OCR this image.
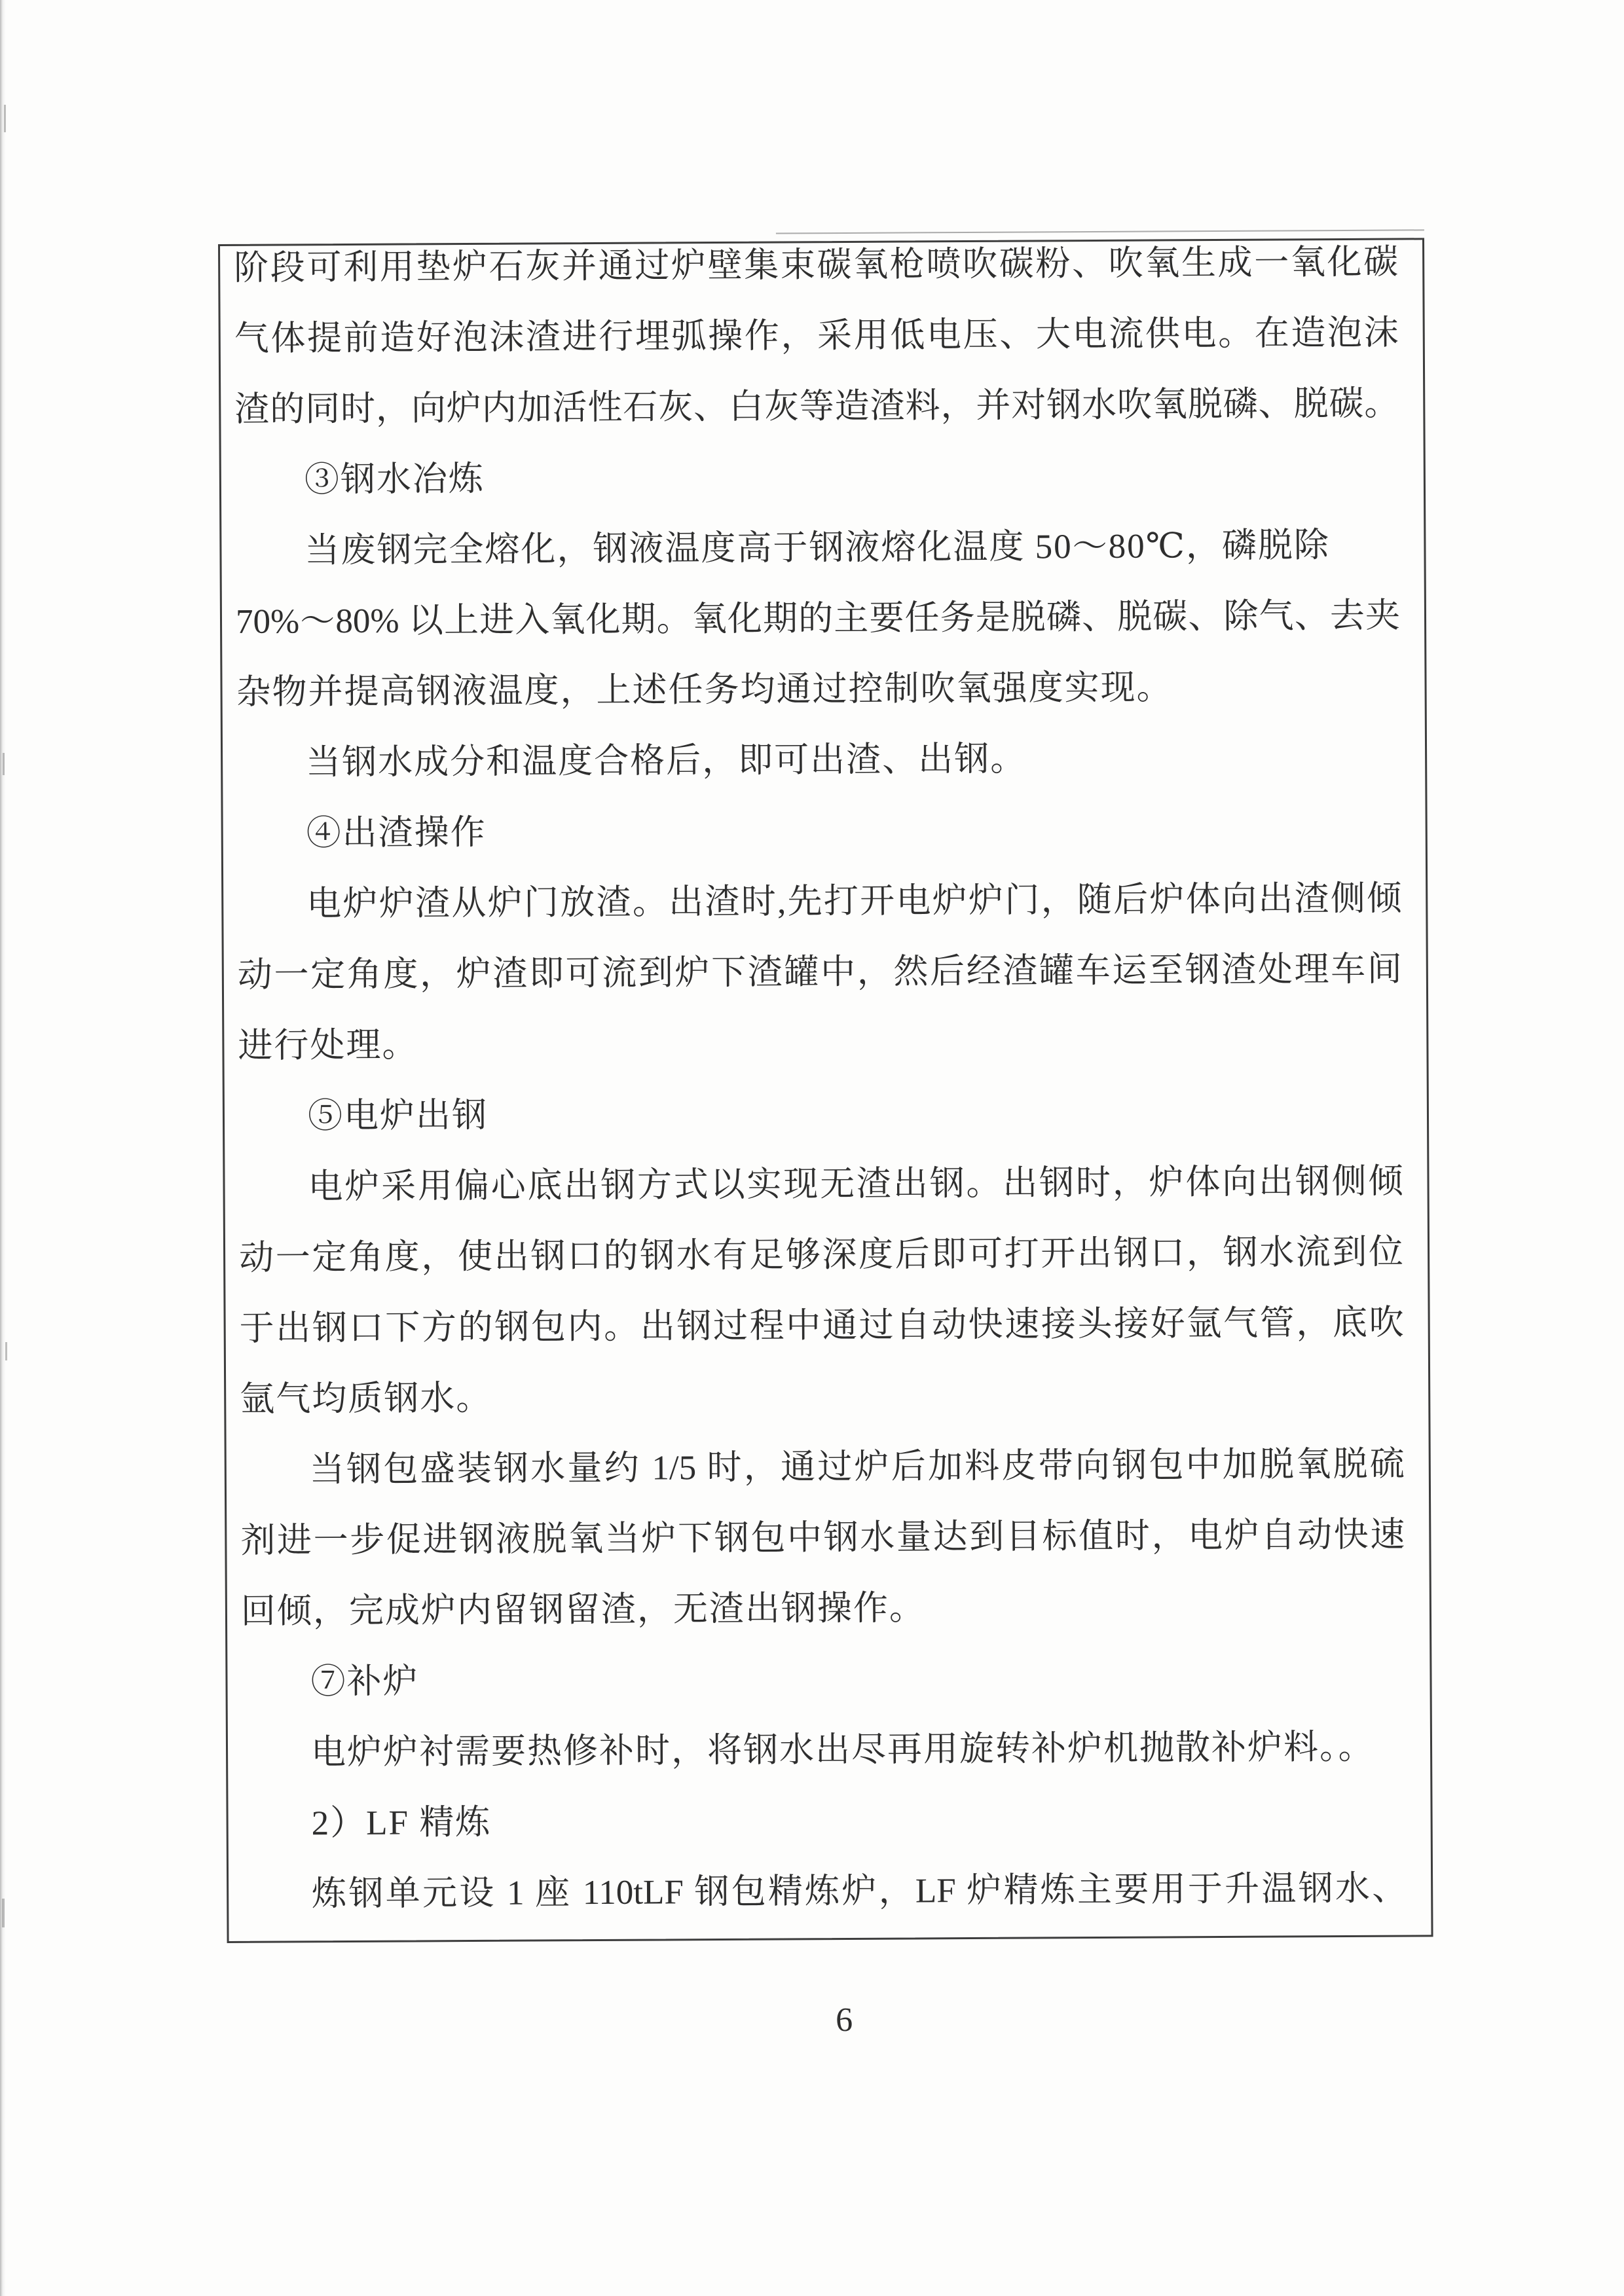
阶段可利用垫炉石灰并通过炉壁集束碳氧枪喷吹碳粉、吹氧生成一氧化碳
气体提前造好泡沫渣进行埋弧操作，采用低电压、大电流供电。在造泡沫
渣的同时，向炉内加活性石灰、白灰等造渣料，并对钢水吹氧脱磷、脱碳。
③钢水冶炼
当废钢完全熔化，钢液温度高于钢液熔化温度 50～80℃，磷脱除
70%～80% 以上进入氧化期。氧化期的主要任务是脱磷、脱碳、除气、去夹
杂物并提高钢液温度，上述任务均通过控制吹氧强度实现。
当钢水成分和温度合格后，即可出渣、出钢。
④出渣操作
电炉炉渣从炉门放渣。出渣时,先打开电炉炉门，随后炉体向出渣侧倾
动一定角度，炉渣即可流到炉下渣罐中，然后经渣罐车运至钢渣处理车间
进行处理。
⑤电炉出钢
电炉采用偏心底出钢方式以实现无渣出钢。出钢时，炉体向出钢侧倾
动一定角度，使出钢口的钢水有足够深度后即可打开出钢口，钢水流到位
于出钢口下方的钢包内。出钢过程中通过自动快速接头接好氩气管，底吹
氩气均质钢水。
当钢包盛装钢水量约 1/5 时，通过炉后加料皮带向钢包中加脱氧脱硫
剂进一步促进钢液脱氧当炉下钢包中钢水量达到目标值时，电炉自动快速
回倾，完成炉内留钢留渣，无渣出钢操作。
⑦补炉
电炉炉衬需要热修补时，将钢水出尽再用旋转补炉机抛散补炉料。。
2）LF 精炼
炼钢单元设 1 座 110tLF 钢包精炼炉，LF 炉精炼主要用于升温钢水、
6
